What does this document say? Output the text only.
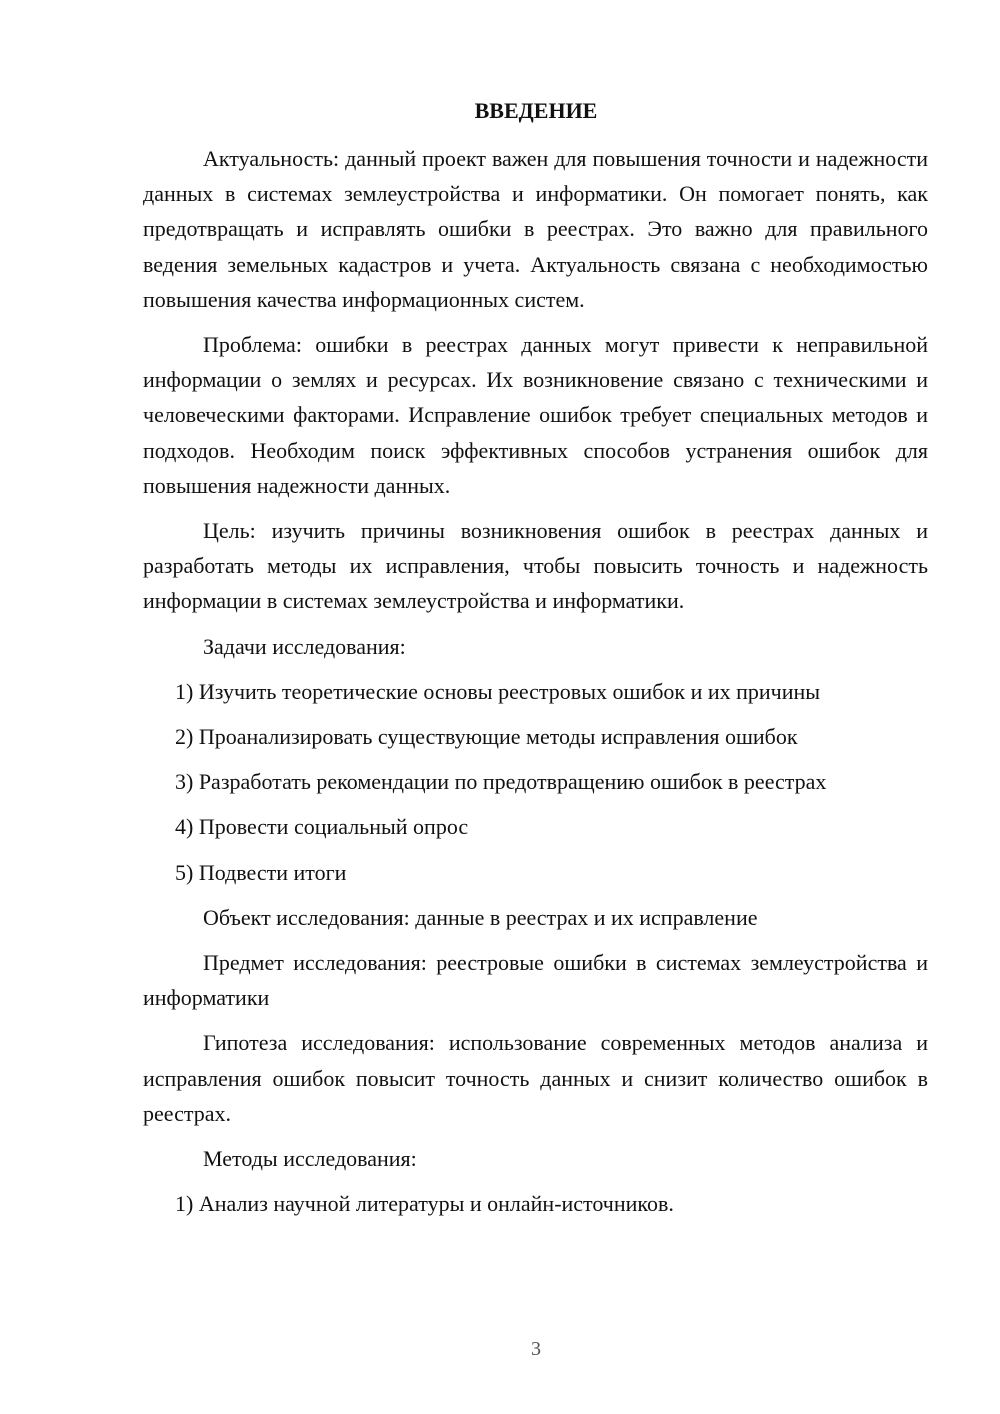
ВВЕДЕНИЕ

Актуальность: данный проект важен для повышения точности и надежности данных в системах землеустройства и информатики. Он помогает понять, как предотвращать и исправлять ошибки в реестрах. Это важно для правильного ведения земельных кадастров и учета. Актуальность связана с необходимостью повышения качества информационных систем.

Проблема: ошибки в реестрах данных могут привести к неправильной информации о землях и ресурсах. Их возникновение связано с техническими и человеческими факторами. Исправление ошибок требует специальных методов и подходов. Необходим поиск эффективных способов устранения ошибок для повышения надежности данных.

Цель: изучить причины возникновения ошибок в реестрах данных и разработать методы их исправления, чтобы повысить точность и надежность информации в системах землеустройства и информатики.

Задачи исследования:

1) Изучить теоретические основы реестровых ошибок и их причины
2) Проанализировать существующие методы исправления ошибок
3) Разработать рекомендации по предотвращению ошибок в реестрах
4) Провести социальный опрос
5) Подвести итоги

Объект исследования: данные в реестрах и их исправление

Предмет исследования: реестровые ошибки в системах землеустройства и информатики

Гипотеза исследования: использование современных методов анализа и исправления ошибок повысит точность данных и снизит количество ошибок в реестрах.

Методы исследования:

1) Анализ научной литературы и онлайн-источников.
3
